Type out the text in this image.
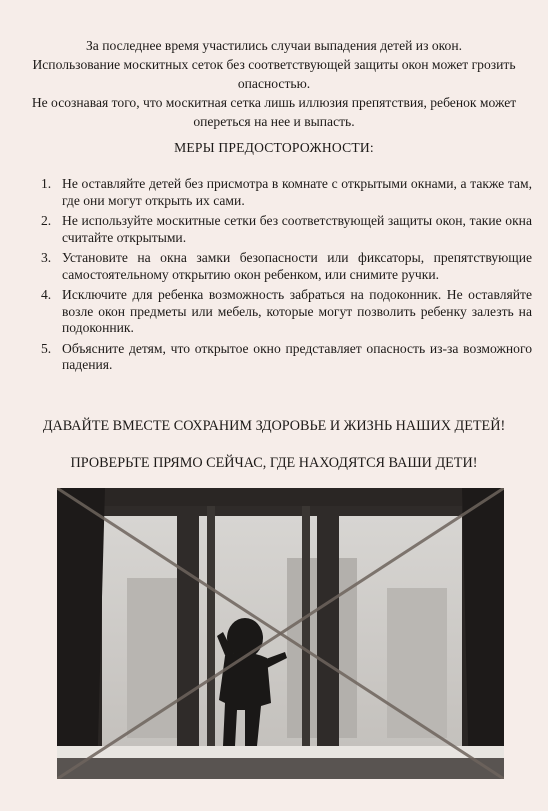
За последнее время участились случаи выпадения детей из окон.

Использование москитных сеток без соответствующей защиты окон может грозить опасностью.

Не осознавая того, что москитная сетка лишь иллюзия препятствия, ребенок может опереться на нее и выпасть.

МЕРЫ ПРЕДОСТОРОЖНОСТИ:
1. Не оставляйте детей без присмотра в комнате с открытыми окнами, а также там, где они могут открыть их сами.
2. Не используйте москитные сетки без соответствующей защиты окон, такие окна считайте открытыми.
3. Установите на окна замки безопасности или фиксаторы, препятствующие самостоятельному открытию окон ребенком, или снимите ручки.
4. Исключите для ребенка возможность забраться на подоконник. Не оставляйте возле окон предметы или мебель, которые могут позволить ребенку залезть на подоконник.
5. Объясните детям, что открытое окно представляет опасность из-за возможного падения.
ДАВАЙТЕ ВМЕСТЕ СОХРАНИМ ЗДОРОВЬЕ И ЖИЗНЬ НАШИХ ДЕТЕЙ!
ПРОВЕРЬТЕ ПРЯМО СЕЙЧАС, ГДЕ НАХОДЯТСЯ ВАШИ ДЕТИ!
